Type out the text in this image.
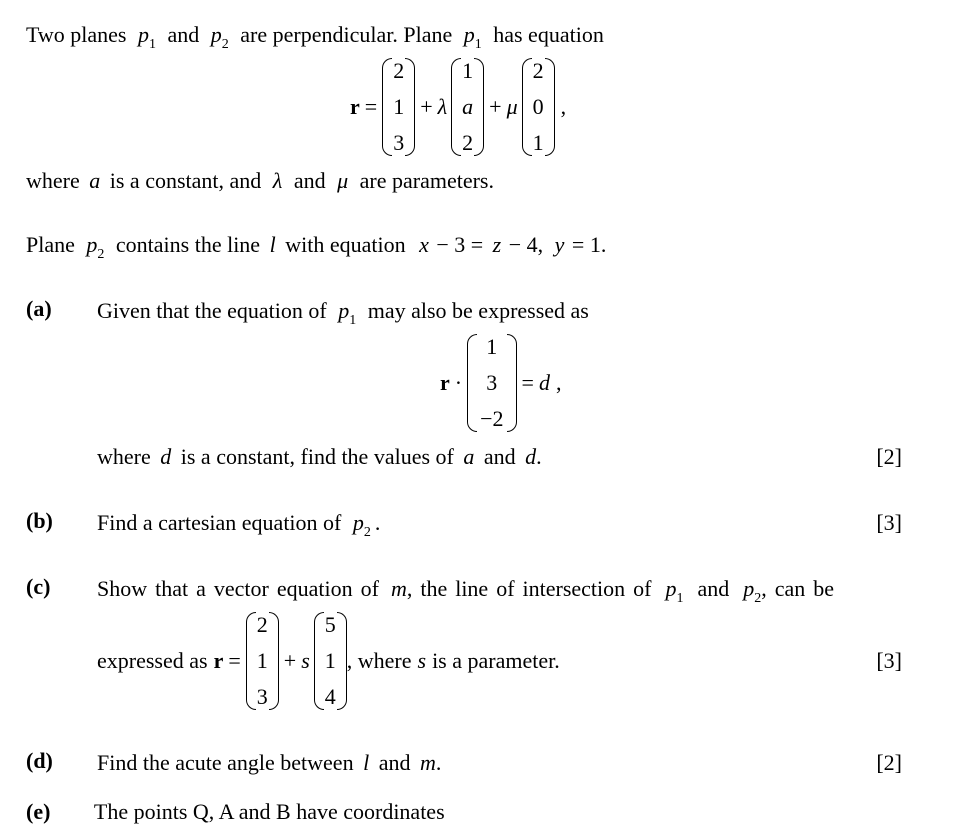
Two planes $p_1$ and $p_2$ are perpendicular. Plane $p_1$ has equation
r =
2
1
3
+ λ
1
a
2
+ μ
2
0
1
,
where a is a constant, and λ and μ are parameters.
Plane $p_2$ contains the line l with equation x − 3 = z − 4, y = 1.
(a) Given that the equation of $p_1$ may also be expressed as
r ·
1
3
−2
= d ,
where d is a constant, find the values of a and d.	[2]
(b) Find a cartesian equation of $p_2$ .	[3]
(c) Show that a vector equation of m, the line of intersection of $p_1$ and $p_2$, can be
expressed as r =
2
1
3
+ s
5
1
4
, where s is a parameter.	[3]
(d) Find the acute angle between l and m.	[2]
(e) The points Q, A and B have coordinates
